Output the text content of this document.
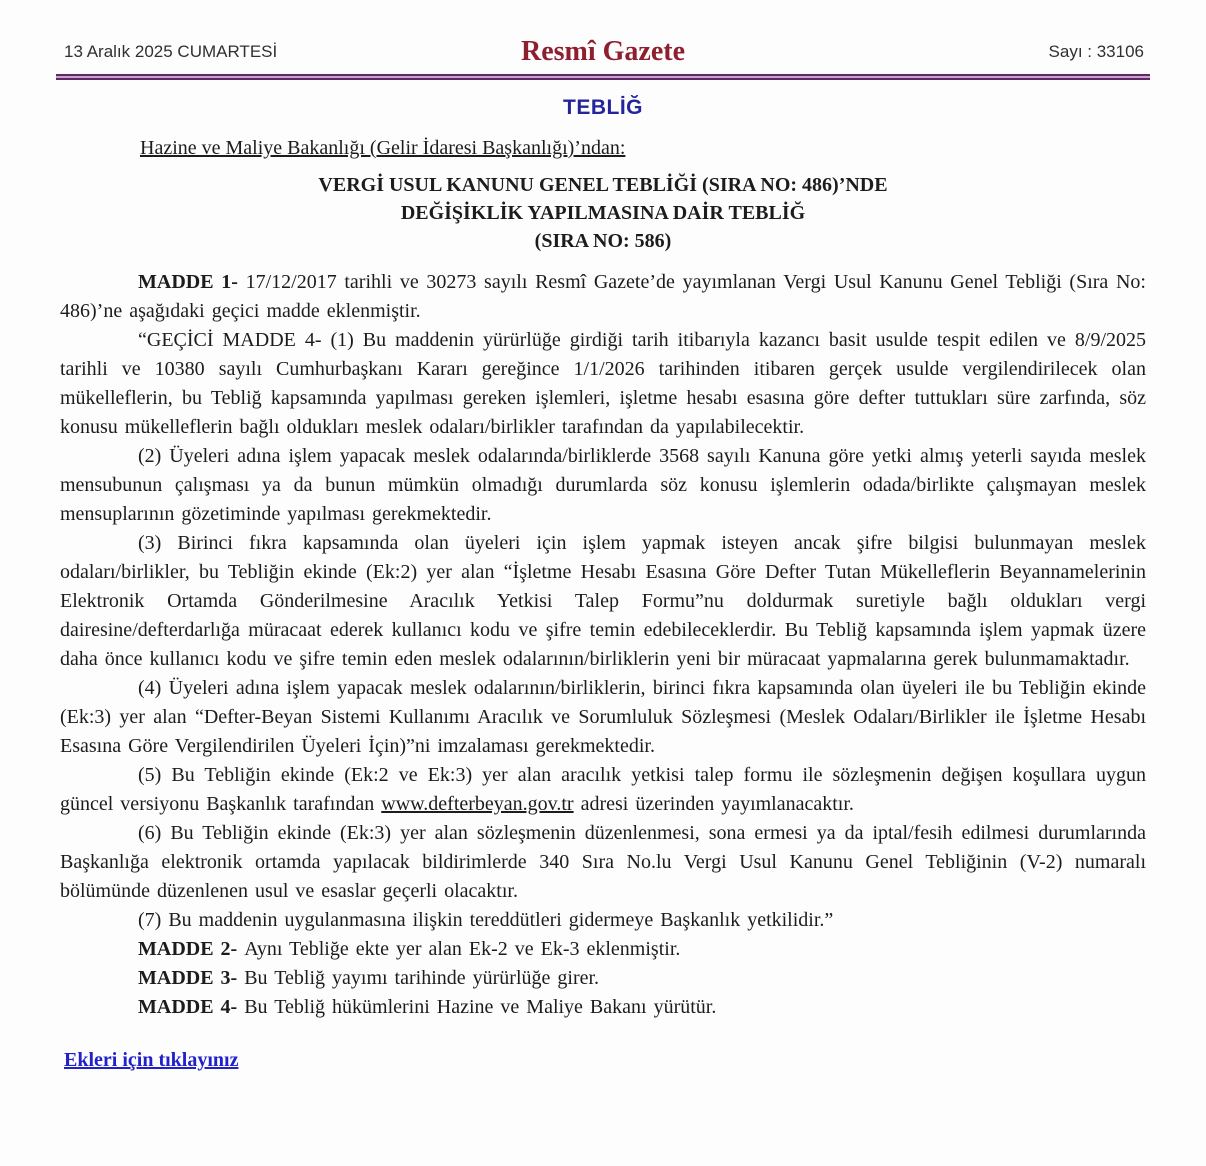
13 Aralık 2025 CUMARTESİ	Resmî Gazete	Sayı : 33106
TEBLİĞ
Hazine ve Maliye Bakanlığı (Gelir İdaresi Başkanlığı)’ndan:
VERGİ USUL KANUNU GENEL TEBLİĞİ (SIRA NO: 486)’NDE
DEĞİŞİKLİK YAPILMASINA DAİR TEBLİĞ
(SIRA NO: 586)
MADDE 1- 17/12/2017 tarihli ve 30273 sayılı Resmî Gazete’de yayımlanan Vergi Usul Kanunu Genel Tebliği (Sıra No: 486)’ne aşağıdaki geçici madde eklenmiştir.
“GEÇİCİ MADDE 4- (1) Bu maddenin yürürlüğe girdiği tarih itibarıyla kazancı basit usulde tespit edilen ve 8/9/2025 tarihli ve 10380 sayılı Cumhurbaşkanı Kararı gereğince 1/1/2026 tarihinden itibaren gerçek usulde vergilendirilecek olan mükelleflerin, bu Tebliğ kapsamında yapılması gereken işlemleri, işletme hesabı esasına göre defter tuttukları süre zarfında, söz konusu mükelleflerin bağlı oldukları meslek odaları/birlikler tarafından da yapılabilecektir.
(2) Üyeleri adına işlem yapacak meslek odalarında/birliklerde 3568 sayılı Kanuna göre yetki almış yeterli sayıda meslek mensubunun çalışması ya da bunun mümkün olmadığı durumlarda söz konusu işlemlerin odada/birlikte çalışmayan meslek mensuplarının gözetiminde yapılması gerekmektedir.
(3) Birinci fıkra kapsamında olan üyeleri için işlem yapmak isteyen ancak şifre bilgisi bulunmayan meslek odaları/birlikler, bu Tebliğin ekinde (Ek:2) yer alan “İşletme Hesabı Esasına Göre Defter Tutan Mükelleflerin Beyannamelerinin Elektronik Ortamda Gönderilmesine Aracılık Yetkisi Talep Formu”nu doldurmak suretiyle bağlı oldukları vergi dairesine/defterdarlığa müracaat ederek kullanıcı kodu ve şifre temin edebileceklerdir. Bu Tebliğ kapsamında işlem yapmak üzere daha önce kullanıcı kodu ve şifre temin eden meslek odalarının/birliklerin yeni bir müracaat yapmalarına gerek bulunmamaktadır.
(4) Üyeleri adına işlem yapacak meslek odalarının/birliklerin, birinci fıkra kapsamında olan üyeleri ile bu Tebliğin ekinde (Ek:3) yer alan “Defter-Beyan Sistemi Kullanımı Aracılık ve Sorumluluk Sözleşmesi (Meslek Odaları/Birlikler ile İşletme Hesabı Esasına Göre Vergilendirilen Üyeleri İçin)”ni imzalaması gerekmektedir.
(5) Bu Tebliğin ekinde (Ek:2 ve Ek:3) yer alan aracılık yetkisi talep formu ile sözleşmenin değişen koşullara uygun güncel versiyonu Başkanlık tarafından www.defterbeyan.gov.tr adresi üzerinden yayımlanacaktır.
(6) Bu Tebliğin ekinde (Ek:3) yer alan sözleşmenin düzenlenmesi, sona ermesi ya da iptal/fesih edilmesi durumlarında Başkanlığa elektronik ortamda yapılacak bildirimlerde 340 Sıra No.lu Vergi Usul Kanunu Genel Tebliğinin (V-2) numaralı bölümünde düzenlenen usul ve esaslar geçerli olacaktır.
(7) Bu maddenin uygulanmasına ilişkin tereddütleri gidermeye Başkanlık yetkilidir.”
MADDE 2- Aynı Tebliğe ekte yer alan Ek-2 ve Ek-3 eklenmiştir.
MADDE 3- Bu Tebliğ yayımı tarihinde yürürlüğe girer.
MADDE 4- Bu Tebliğ hükümlerini Hazine ve Maliye Bakanı yürütür.
Ekleri için tıklayınız
